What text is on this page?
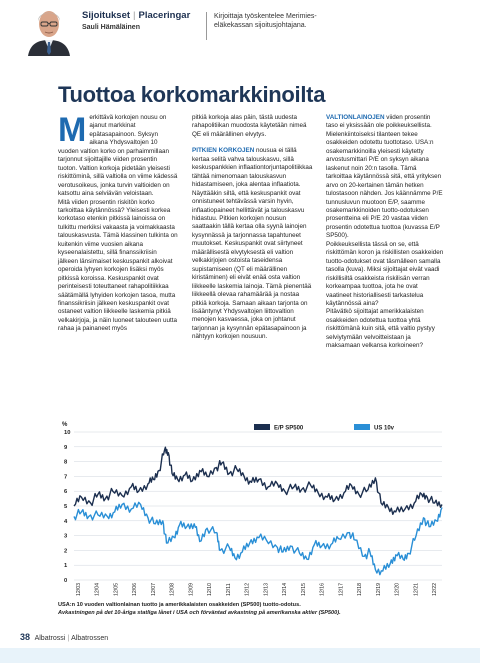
Sijoitukset | Placeringar
Sauli Hämäläinen
Kirjoittaja työskentelee Merimies-eläkekassan sijoitusjohtajana.
Tuottoa korkomarkkinoilta
M erkittävä korkojen nousu on ajanut markkinat epätasapainoon. Syksyn aikana Yhdysvaltojen 10 vuoden valtion korko on parhaimmillaan tarjonnut sijoittajille viiden prosentin tuoton. Valtion korkoja pidetään yleisesti riskittöminä, sillä valtiolla on viime kädessä verotusoikeus, jonka turvin valtioiden on katsottu aina selviävän veloistaan.
Mitä viiden prosentin riskitön korko tarkoittaa käytännössä? Yleisesti korkea korkotaso etenkin pitkissä lainoissa on tulkittu merkiksi vakaasta ja voimakkaasta talouskasvusta. Tämä klassinen tulkinta on kuitenkin viime vuosien aikana kyseenalaistettu, sillä finanssikriisin jälkeen länsimaiset keskuspankit alkoivat operoida lyhyen korkojen lisäksi myös pitkissä koroissa. Keskuspankit ovat perinteisesti toteuttaneet rahapolitiikkaa säätämällä lyhyiden korkojen tasoa, mutta finanssikriisin jälkeen keskuspankit ovat ostaneet valtion liikkeelle laskemia pitkiä velkakirjoja, ja näin luoneet talouteen uutta rahaa ja painaneet myös

pitkiä korkoja alas päin, tästä uudesta rahapolitiikan muodosta käytetään nimeä QE eli määrällinen elvytys.

PITKIEN KORKOJEN nousua ei tällä kertaa selitä vahva talouskasvu, sillä keskuspankkien inflaationtorjuntapolitiikkaa tähtää nimenomaan talouskasvun hidastamiseen, joka alentaa inflaatiota. Näyttääkin siltä, että keskuspankit ovat onnistuneet tehtävässä varsin hyvin, inflaatiopaineet hellittävät ja talouskasvu hidastuu. Pitkien korkojen nousun saattaakin tällä kertaa olla syynä lainojen kysynnässä ja tarjonnassa tapahtuneet muutokset. Keskuspankit ovat siirtyneet määrällisestä elvytyksestä eli valtion velkakirjojen ostoista taseidensa supistamiseen (QT eli määrällinen kiristäminen) eli eivät enää osta valtion liikkeelle laskemia lainoja. Tämä pienentää liikkeellä olevaa rahamäärää ja nostaa pitkiä korkoja. Samaan aikaan tarjonta on lisääntynyt Yhdysvaltojen liittovaltion menojen kasvaessa, joka on johtanut tarjonnan ja kysynnän epätasapainoon ja nähtyyn korkojen nousuun.

VALTIONLAINOJEN viiden prosentin taso ei yksissään ole poikkeuksellista. Mielenkiintoiseksi tilanteen tekee osakkeiden odotettu tuottotaso. USA:n osakemarkkinoilla yleisesti käytetty arvostusmittari P/E on syksyn aikana laskenut noin 20:n tasolla. Tämä tarkoittaa käytännössä sitä, että yrityksen arvo on 20-kertainen tämän hetken tulostasoon nähden. Jos käännämme P/E tunnusluvun muotoon E/P, saamme osakemarkkinoiden tuotto-odotuksen prosentteina eli P/E 20 vastaa viiden prosentin odotettua tuottoa (kuvassa E/P SP500).

Poikkeuksellista tässä on se, että riskittömän koron ja riskillisten osakkeiden tuotto-odotukset ovat täsmälleen samalla tasolla (kuva). Miksi sijoittajat eivät vaadi riskillisiltä osakkeista riskilisän verran korkeampaa tuottoa, jota he ovat vaatineet historiallisesti tarkastelua käytännössä aina?
Pitävätkö sijoittajat amerikkalaisten osakkeiden odotettua tuottoa yhtä riskittömänä kuin sitä, että valtio pystyy selviytymään velvoitteistaan ja maksamaan velkansa korkoineen?

%
0
1
2
3
4
5
6
7
8
9
10
12/03 12/04 12/05 12/06 12/07 12/08 12/09 12/10 12/11 12/12 12/13 12/14 12/15 12/16 12/17 12/18 12/19 12/20 12/21 12/22
E/P SP500	US 10v
USA:n 10 vuoden valtionlainan tuotto ja amerikkalaisten osakkeiden (SP500) tuotto-odotus.
Avkastningen på det 10-åriga statliga lånet i USA och förväntad avkastning på amerikanska aktier (SP500).
38 Albatrossi | Albatrossen
